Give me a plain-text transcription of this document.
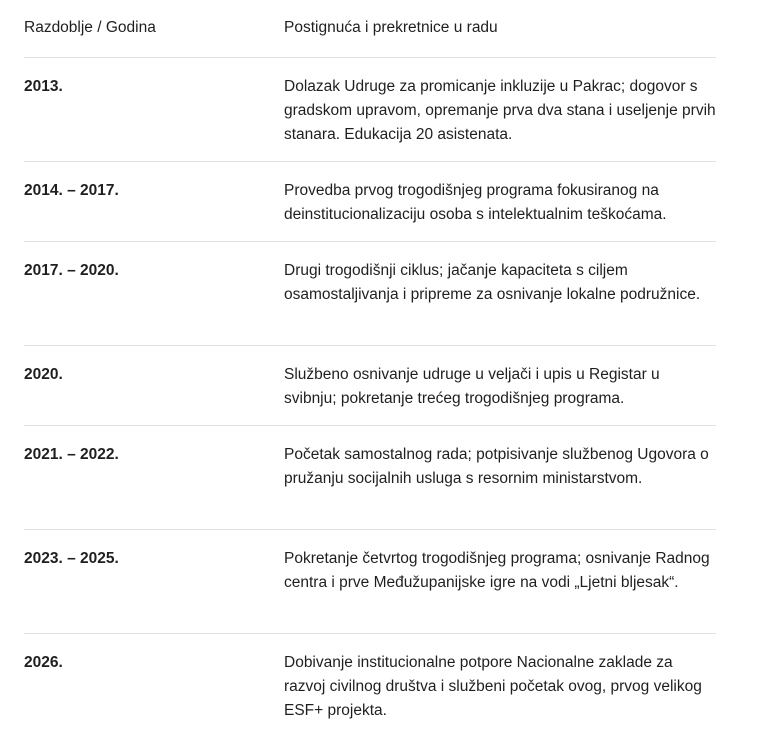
Razdoblje / Godina	Postignuća i prekretnice u radu
2013.	Dolazak Udruge za promicanje inkluzije u Pakrac; dogovor s gradskom upravom, opremanje prva dva stana i useljenje prvih stanara. Edukacija 20 asistenata.
2014. – 2017.	Provedba prvog trogodišnjeg programa fokusiranog na deinstitucionalizaciju osoba s intelektualnim teškoćama.
2017. – 2020.	Drugi trogodišnji ciklus; jačanje kapaciteta s ciljem osamostaljivanja i pripreme za osnivanje lokalne podružnice.
2020.	Službeno osnivanje udruge u veljači i upis u Registar u svibnju; pokretanje trećeg trogodišnjeg programa.
2021. – 2022.	Početak samostalnog rada; potpisivanje službenog Ugovora o pružanju socijalnih usluga s resornim ministarstvom.
2023. – 2025.	Pokretanje četvrtog trogodišnjeg programa; osnivanje Radnog centra i prve Međužupanijske igre na vodi „Ljetni bljesak“.
2026.	Dobivanje institucionalne potpore Nacionalne zaklade za razvoj civilnog društva i službeni početak ovog, prvog velikog ESF+ projekta.
